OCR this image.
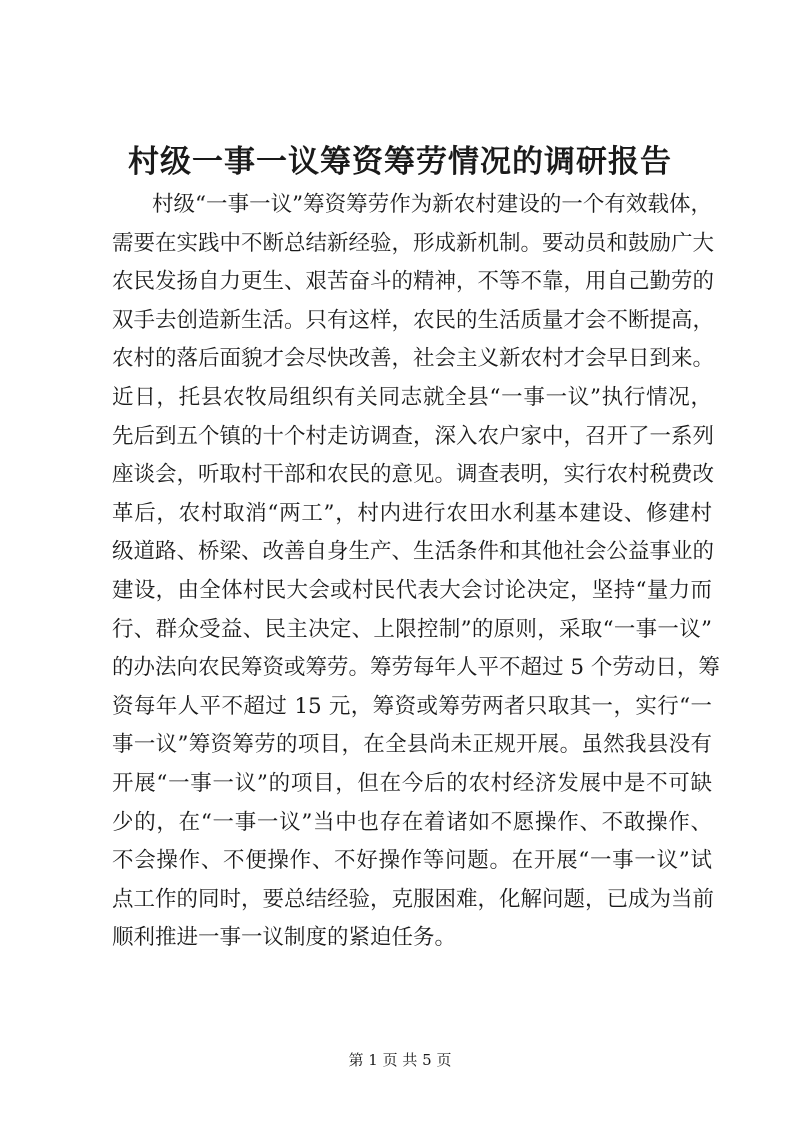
村级一事一议筹资筹劳情况的调研报告
村级“一事一议”筹资筹劳作为新农村建设的一个有效载体，
需要在实践中不断总结新经验，形成新机制。要动员和鼓励广大
农民发扬自力更生、艰苦奋斗的精神，不等不靠，用自己勤劳的
双手去创造新生活。只有这样，农民的生活质量才会不断提高，
农村的落后面貌才会尽快改善，社会主义新农村才会早日到来。
近日，托县农牧局组织有关同志就全县“一事一议”执行情况，
先后到五个镇的十个村走访调查，深入农户家中，召开了一系列
座谈会，听取村干部和农民的意见。调查表明，实行农村税费改
革后，农村取消“两工”，村内进行农田水利基本建设、修建村
级道路、桥梁、改善自身生产、生活条件和其他社会公益事业的
建设，由全体村民大会或村民代表大会讨论决定，坚持“量力而
行、群众受益、民主决定、上限控制”的原则，采取“一事一议”
的办法向农民筹资或筹劳。筹劳每年人平不超过 5 个劳动日，筹
资每年人平不超过 15 元，筹资或筹劳两者只取其一，实行“一
事一议”筹资筹劳的项目，在全县尚未正规开展。虽然我县没有
开展“一事一议”的项目，但在今后的农村经济发展中是不可缺
少的，在“一事一议”当中也存在着诸如不愿操作、不敢操作、
不会操作、不便操作、不好操作等问题。在开展“一事一议”试
点工作的同时，要总结经验，克服困难，化解问题，已成为当前
顺利推进一事一议制度的紧迫任务。
第 1 页 共 5 页
